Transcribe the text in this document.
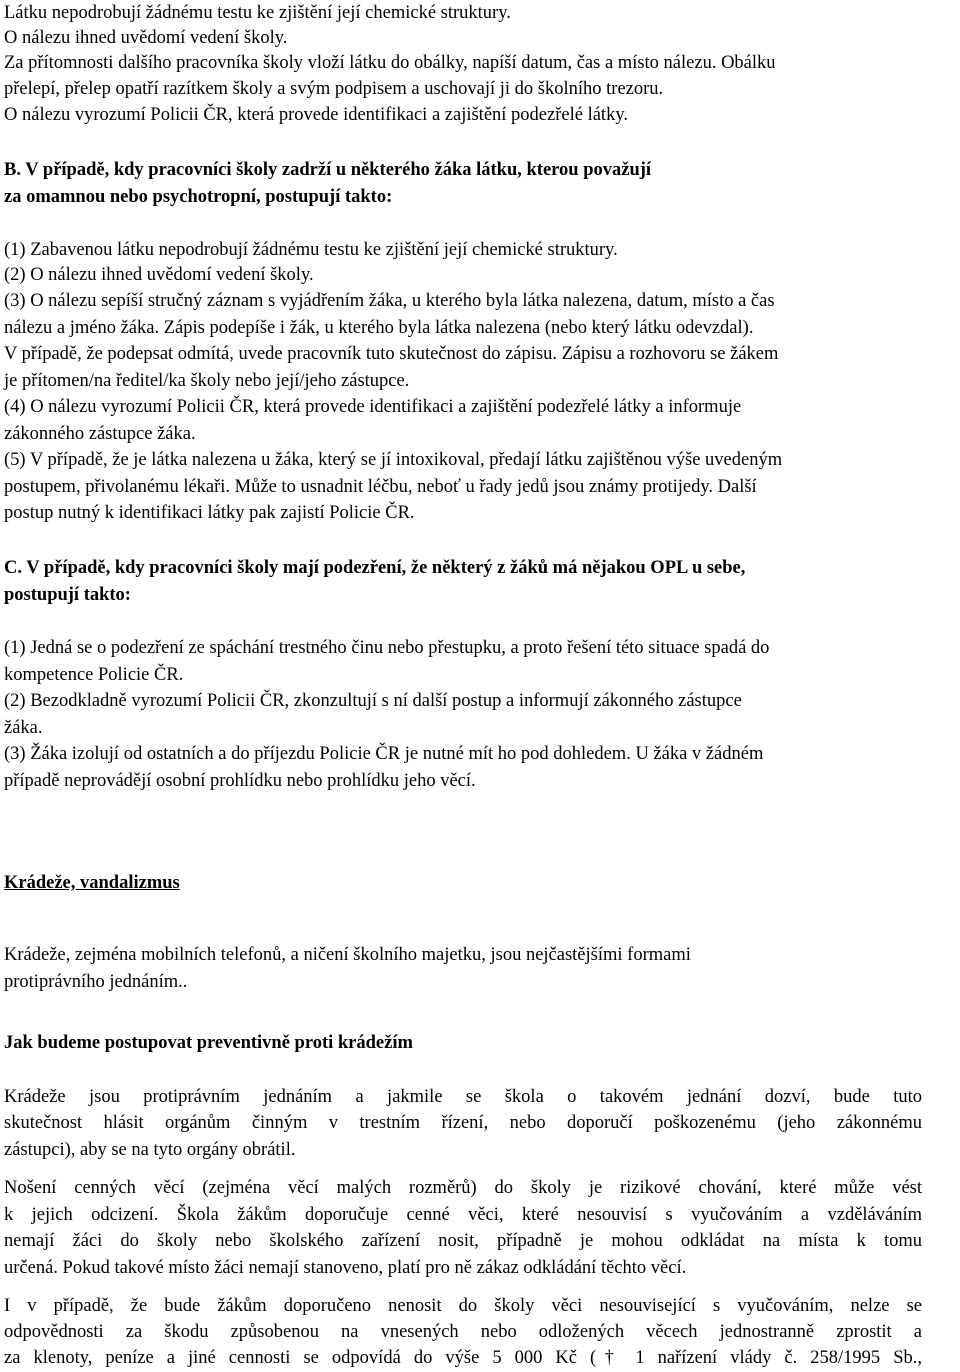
Látku nepodrobují žádnému testu ke zjištění její chemické struktury.
O nálezu ihned uvědomí vedení školy.
Za přítomnosti dalšího pracovníka školy vloží látku do obálky, napíší datum, čas a místo nálezu. Obálku
přelepí, přelep opatří razítkem školy a svým podpisem a uschovají ji do školního trezoru.
O nálezu vyrozumí Policii ČR, která provede identifikaci a zajištění podezřelé látky.
B. V případě, kdy pracovníci školy zadrží u některého žáka látku, kterou považují
za omamnou nebo psychotropní, postupují takto:
(1) Zabavenou látku nepodrobují žádnému testu ke zjištění její chemické struktury.
(2) O nálezu ihned uvědomí vedení školy.
(3) O nálezu sepíší stručný záznam s vyjádřením žáka, u kterého byla látka nalezena, datum, místo a čas
nálezu a jméno žáka. Zápis podepíše i žák, u kterého byla látka nalezena (nebo který látku odevzdal).
V případě, že podepsat odmítá, uvede pracovník tuto skutečnost do zápisu. Zápisu a rozhovoru se žákem
je přítomen/na ředitel/ka školy nebo její/jeho zástupce.
(4) O nálezu vyrozumí Policii ČR, která provede identifikaci a zajištění podezřelé látky a informuje
zákonného zástupce žáka.
(5) V případě, že je látka nalezena u žáka, který se jí intoxikoval, předají látku zajištěnou výše uvedeným
postupem, přivolanému lékaři. Může to usnadnit léčbu, neboť u řady jedů jsou známy protijedy. Další
postup nutný k identifikaci látky pak zajistí Policie ČR.
C. V případě, kdy pracovníci školy mají podezření, že některý z žáků má nějakou OPL u sebe,
postupují takto:
(1) Jedná se o podezření ze spáchání trestného činu nebo přestupku, a proto řešení této situace spadá do
kompetence Policie ČR.
(2) Bezodkladně vyrozumí Policii ČR, zkonzultují s ní další postup a informují zákonného zástupce
žáka.
(3) Žáka izolují od ostatních a do příjezdu Policie ČR je nutné mít ho pod dohledem. U žáka v žádném
případě neprovádějí osobní prohlídku nebo prohlídku jeho věcí.
Krádeže, vandalizmus
Krádeže, zejména mobilních telefonů, a ničení školního majetku, jsou nejčastějšími formami
protiprávního jednáním..
Jak budeme postupovat preventivně proti krádežím
Krádeže jsou protiprávním jednáním a jakmile se škola o takovém jednání dozví, bude tuto
skutečnost hlásit orgánům činným v trestním řízení, nebo doporučí poškozenému (jeho zákonnému
zástupci), aby se na tyto orgány obrátil.
Nošení cenných věcí (zejména věcí malých rozměrů) do školy je rizikové chování, které může vést
k jejich odcizení. Škola žákům doporučuje cenné věci, které nesouvisí s vyučováním a vzděláváním
nemají žáci do školy nebo školského zařízení nosit, případně je mohou odkládat na místa k tomu
určená. Pokud takové místo žáci nemají stanoveno, platí pro ně zákaz odkládání těchto věcí.
I v případě, že bude žákům doporučeno nenosit do školy věci nesouvisející s vyučováním, nelze se
odpovědnosti za škodu způsobenou na vnesených nebo odložených věcech jednostranně zprostit a
za klenoty, peníze a jiné cennosti se odpovídá do výše 5 000 Kč († 1 nařízení vlády č. 258/1995 Sb.,
